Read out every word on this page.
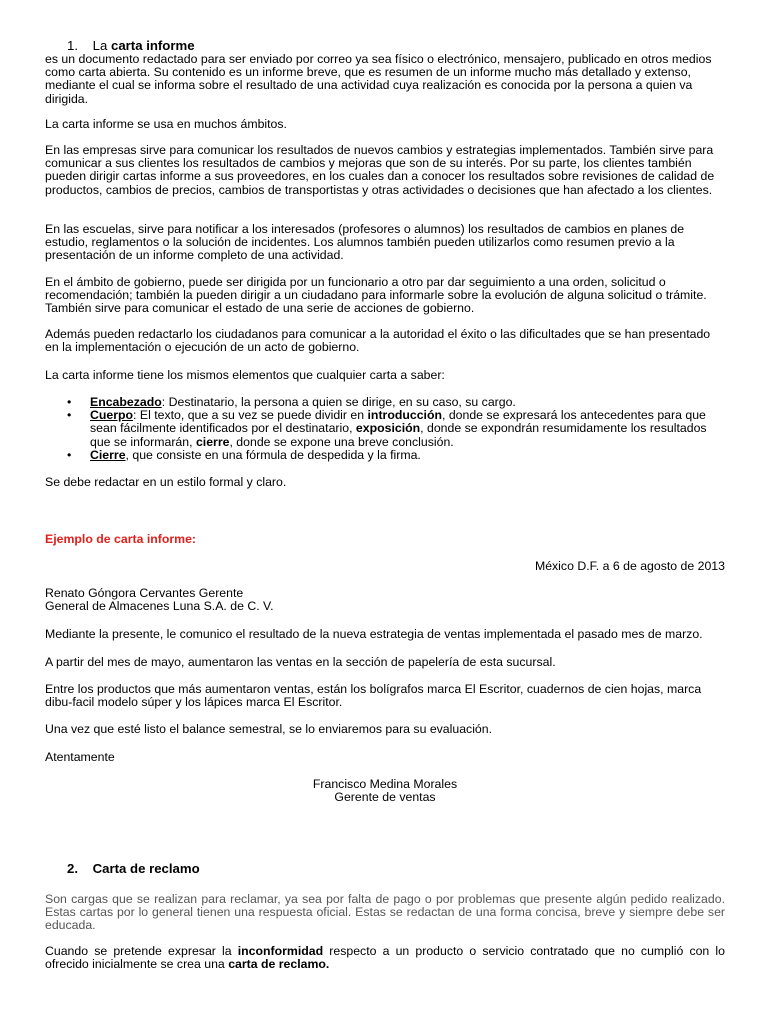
1. La carta informe

es un documento redactado para ser enviado por correo ya sea físico o electrónico, mensajero, publicado en otros medios como carta abierta. Su contenido es un informe breve, que es resumen de un informe mucho más detallado y extenso, mediante el cual se informa sobre el resultado de una actividad cuya realización es conocida por la persona a quien va dirigida.

La carta informe se usa en muchos ámbitos.

En las empresas sirve para comunicar los resultados de nuevos cambios y estrategias implementados. También sirve para comunicar a sus clientes los resultados de cambios y mejoras que son de su interés. Por su parte, los clientes también pueden dirigir cartas informe a sus proveedores, en los cuales dan a conocer los resultados sobre revisiones de calidad de productos, cambios de precios, cambios de transportistas y otras actividades o decisiones que han afectado a los clientes.

En las escuelas, sirve para notificar a los interesados (profesores o alumnos) los resultados de cambios en planes de estudio, reglamentos o la solución de incidentes. Los alumnos también pueden utilizarlos como resumen previo a la presentación de un informe completo de una actividad.

En el ámbito de gobierno, puede ser dirigida por un funcionario a otro par dar seguimiento a una orden, solicitud o recomendación; también la pueden dirigir a un ciudadano para informarle sobre la evolución de alguna solicitud o trámite. También sirve para comunicar el estado de una serie de acciones de gobierno.

Además pueden redactarlo los ciudadanos para comunicar a la autoridad el éxito o las dificultades que se han presentado en la implementación o ejecución de un acto de gobierno.

La carta informe tiene los mismos elementos que cualquier carta a saber:

• Encabezado: Destinatario, la persona a quien se dirige, en su caso, su cargo.
• Cuerpo: El texto, que a su vez se puede dividir en introducción, donde se expresará los antecedentes para que sean fácilmente identificados por el destinatario, exposición, donde se expondrán resumidamente los resultados que se informarán, cierre, donde se expone una breve conclusión.
• Cierre, que consiste en una fórmula de despedida y la firma.

Se debe redactar en un estilo formal y claro.

Ejemplo de carta informe:

México D.F. a 6 de agosto de 2013

Renato Góngora Cervantes Gerente

General de Almacenes Luna S.A. de C. V.

Mediante la presente, le comunico el resultado de la nueva estrategia de ventas implementada el pasado mes de marzo.

A partir del mes de mayo, aumentaron las ventas en la sección de papelería de esta sucursal.

Entre los productos que más aumentaron ventas, están los bolígrafos marca El Escritor, cuadernos de cien hojas, marca dibu-facil modelo súper y los lápices marca El Escritor.

Una vez que esté listo el balance semestral, se lo enviaremos para su evaluación.

Atentamente

Francisco Medina Morales

Gerente de ventas

2. Carta de reclamo

Son cargas que se realizan para reclamar, ya sea por falta de pago o por problemas que presente algún pedido realizado. Estas cartas por lo general tienen una respuesta oficial. Estas se redactan de una forma concisa, breve y siempre debe ser educada.

Cuando se pretende expresar la inconformidad respecto a un producto o servicio contratado que no cumplió con lo ofrecido inicialmente se crea una carta de reclamo.
